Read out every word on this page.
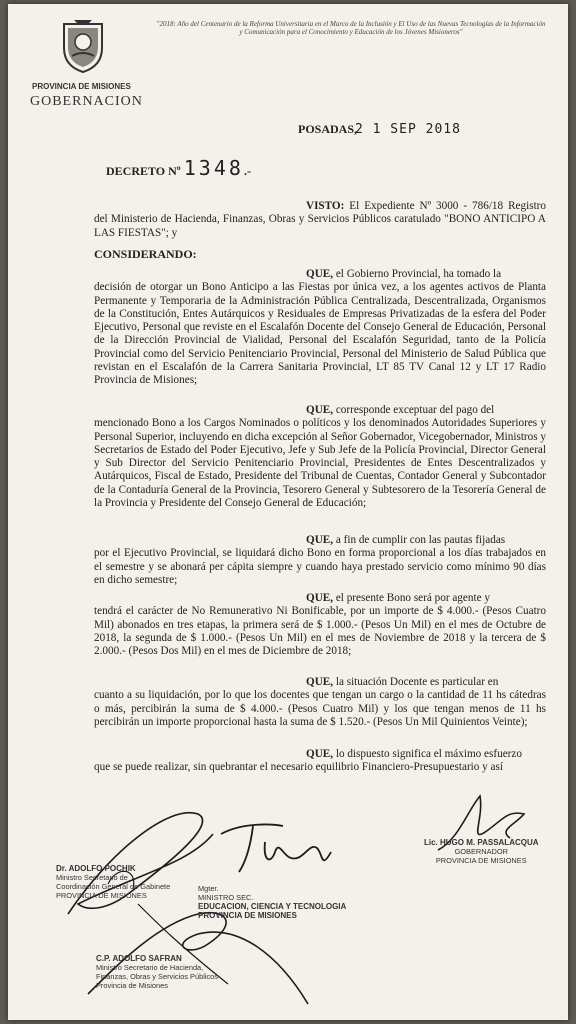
PROVINCIA DE MISIONES
GOBERNACION
"2018: Año del Centenario de la Reforma Universitaria en el Marco de la Inclusión y El Uso de las Nuevas Tecnologías de la Información y Comunicación para el Conocimiento y Educación de los Jóvenes Misioneros"
POSADAS, 2 1 SEP 2018
DECRETO Nº 1348.-
VISTO: El Expediente Nº 3000 - 786/18 Registro del Ministerio de Hacienda, Finanzas, Obras y Servicios Públicos caratulado "BONO ANTICIPO A LAS FIESTAS"; y
CONSIDERANDO:
QUE, el Gobierno Provincial, ha tomado la
decisión de otorgar un Bono Anticipo a las Fiestas por única vez, a los agentes activos de Planta Permanente y Temporaria de la Administración Pública Centralizada, Descentralizada, Organismos de la Constitución, Entes Autárquicos y Residuales de Empresas Privatizadas de la esfera del Poder Ejecutivo, Personal que reviste en el Escalafón Docente del Consejo General de Educación, Personal de la Dirección Provincial de Vialidad, Personal del Escalafón Seguridad, tanto de la Policía Provincial como del Servicio Penitenciario Provincial, Personal del Ministerio de Salud Pública que revistan en el Escalafón de la Carrera Sanitaria Provincial, LT 85 TV Canal 12 y LT 17 Radio Provincia de Misiones;
QUE, corresponde exceptuar del pago del
mencionado Bono a los Cargos Nominados o políticos y los denominados Autoridades Superiores y Personal Superior, incluyendo en dicha excepción al Señor Gobernador, Vicegobernador, Ministros y Secretarios de Estado del Poder Ejecutivo, Jefe y Sub Jefe de la Policía Provincial, Director General y Sub Director del Servicio Penitenciario Provincial, Presidentes de Entes Descentralizados y Autárquicos, Fiscal de Estado, Presidente del Tribunal de Cuentas, Contador General y Subcontador de la Contaduría General de la Provincia, Tesorero General y Subtesorero de la Tesorería General de la Provincia y Presidente del Consejo General de Educación;
QUE, a fin de cumplir con las pautas fijadas
por el Ejecutivo Provincial, se liquidará dicho Bono en forma proporcional a los días trabajados en el semestre y se abonará per cápita siempre y cuando haya prestado servicio como mínimo 90 días en dicho semestre;
QUE, el presente Bono será por agente y
tendrá el carácter de No Remunerativo Ni Bonificable, por un importe de $ 4.000.- (Pesos Cuatro Mil) abonados en tres etapas, la primera será de $ 1.000.- (Pesos Un Mil) en el mes de Octubre de 2018, la segunda de $ 1.000.- (Pesos Un Mil) en el mes de Noviembre de 2018 y la tercera de $ 2.000.- (Pesos Dos Mil) en el mes de Diciembre de 2018;
QUE, la situación Docente es particular en
cuanto a su liquidación, por lo que los docentes que tengan un cargo o la cantidad de 11 hs cátedras o más, percibirán la suma de $ 4.000.- (Pesos Cuatro Mil) y los que tengan menos de 11 hs percibirán un importe proporcional hasta la suma de $ 1.520.- (Pesos Un Mil Quinientos Veinte);
QUE, lo dispuesto significa el máximo esfuerzo
que se puede realizar, sin quebrantar el necesario equilibrio Financiero-Presupuestario y así
Dr. ADOLFO POCHIK
Ministro Secretario de
Coordinación General de Gabinete
PROVINCIA DE MISIONES
Mgter.
MINISTRO SEC.
EDUCACION, CIENCIA Y TECNOLOGIA
PROVINCIA DE MISIONES
Lic. HUGO M. PASSALACQUA
GOBERNADOR
PROVINCIA DE MISIONES
C.P. ADOLFO SAFRAN
Ministro Secretario de Hacienda,
Finanzas, Obras y Servicios Públicos
Provincia de Misiones
